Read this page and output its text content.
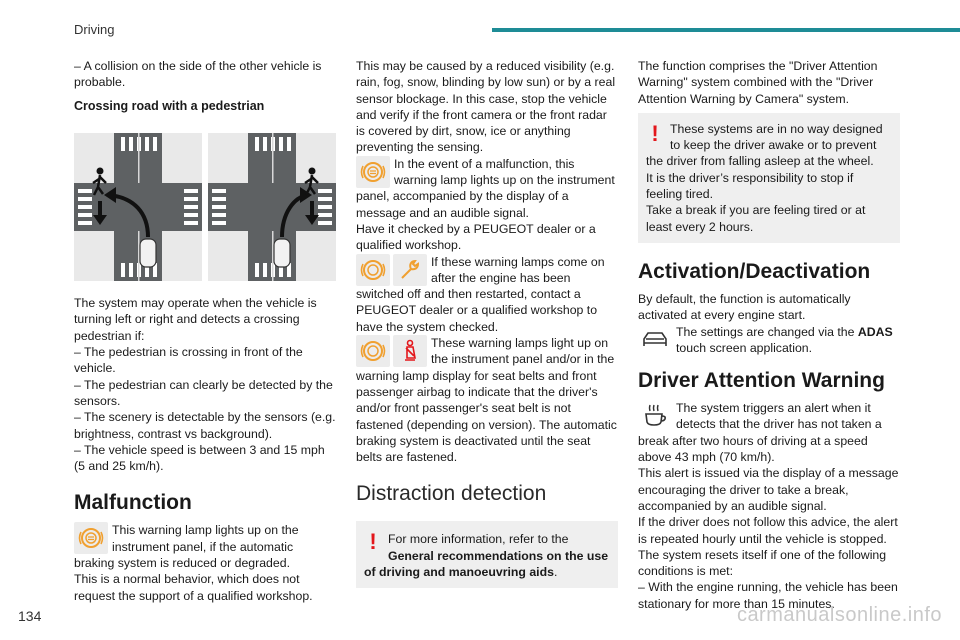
Driving

– A collision on the side of the other vehicle is probable.

Crossing road with a pedestrian

The system may operate when the vehicle is turning left or right and detects a crossing pedestrian if:

– The pedestrian is crossing in front of the vehicle.

– The pedestrian can clearly be detected by the sensors.

– The scenery is detectable by the sensors (e.g. brightness, contrast vs background).

– The vehicle speed is between 3 and 15 mph (5 and 25 km/h).

Malfunction

This warning lamp lights up on the instrument panel, if the automatic braking system is reduced or degraded.

This is a normal behavior, which does not request the support of a qualified workshop.

This may be caused by a reduced visibility (e.g. rain, fog, snow, blinding by low sun) or by a real sensor blockage. In this case, stop the vehicle and verify if the front camera or the front radar is covered by dirt, snow, ice or anything preventing the sensing.

In the event of a malfunction, this warning lamp lights up on the instrument panel, accompanied by the display of a message and an audible signal.

Have it checked by a PEUGEOT dealer or a qualified workshop.

If these warning lamps come on after the engine has been switched off and then restarted, contact a PEUGEOT dealer or a qualified workshop to have the system checked.

These warning lamps light up on the instrument panel and/or in the warning lamp display for seat belts and front passenger airbag to indicate that the driver's and/or front passenger's seat belt is not fastened (depending on version). The automatic braking system is deactivated until the seat belts are fastened.

Distraction detection

! For more information, refer to the General recommendations on the use of driving and manoeuvring aids.

The function comprises the "Driver Attention Warning" system combined with the "Driver Attention Warning by Camera" system.

! These systems are in no way designed to keep the driver awake or to prevent the driver from falling asleep at the wheel.

It is the driver’s responsibility to stop if feeling tired.

Take a break if you are feeling tired or at least every 2 hours.

Activation/Deactivation

By default, the function is automatically activated at every engine start.

The settings are changed via the ADAS touch screen application.

Driver Attention Warning

The system triggers an alert when it detects that the driver has not taken a break after two hours of driving at a speed above 43 mph (70 km/h).

This alert is issued via the display of a message encouraging the driver to take a break, accompanied by an audible signal.

If the driver does not follow this advice, the alert is repeated hourly until the vehicle is stopped.

The system resets itself if one of the following conditions is met:

– With the engine running, the vehicle has been stationary for more than 15 minutes.

134	carmanualsonline.info
